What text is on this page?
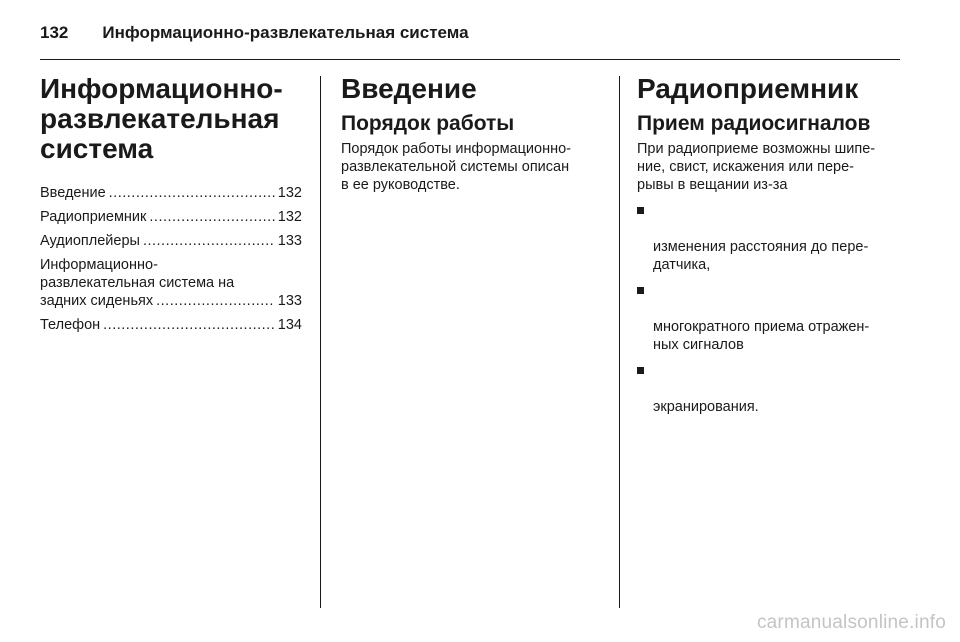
132 Информационно-развлекательная система
Информационно-
развлекательная
система
Введение .....	132
Радиоприемник .....	132
Аудиоплейеры .....	133
Информационно-
развлекательная система на
задних сиденьях .....	133
Телефон .....	134
Введение
Порядок работы

Порядок работы информационно-
развлекательной системы описан
в ее руководстве.

Радиоприемник
Прием радиосигналов

При радиоприеме возможны шипе-
ние, свист, искажения или пере-
рывы в вещании из-за

изменения расстояния до пере-
датчика,

многократного приема отражен-
ных сигналов

экранирования.

carmanualsonline.info
